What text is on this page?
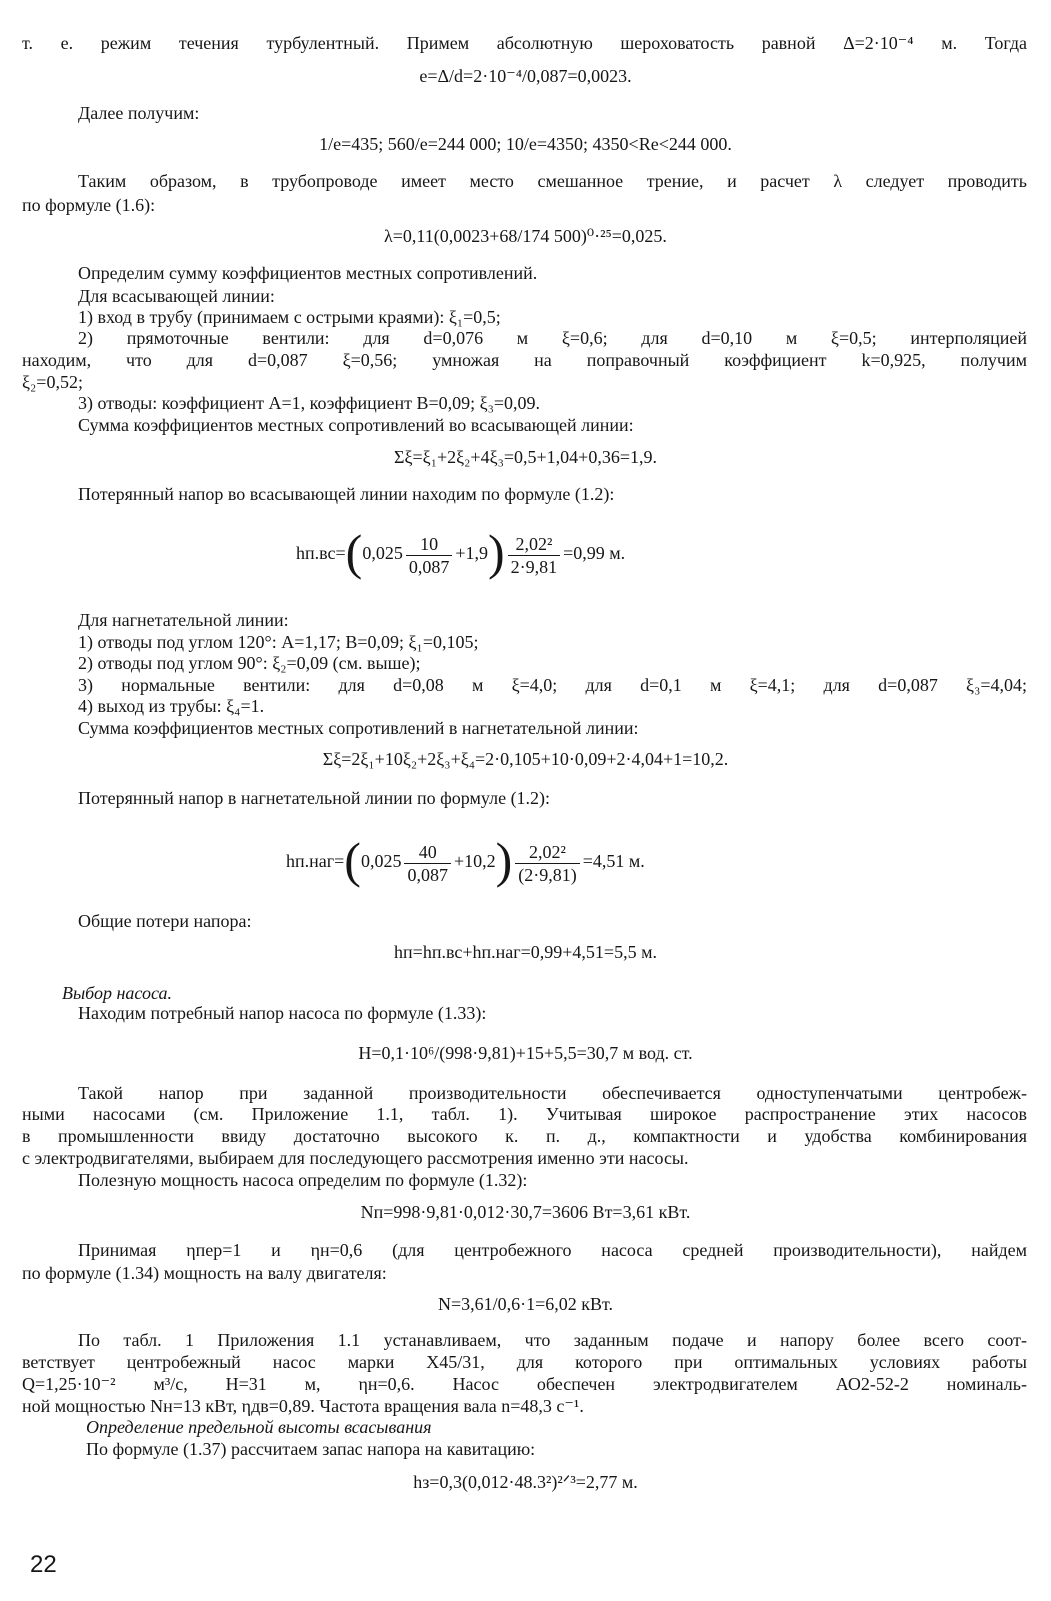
т. е. режим течения турбулентный. Примем абсолютную шероховатость равной Δ=2·10⁻⁴ м. Тогда
e=Δ/d=2·10⁻⁴/0,087=0,0023.
Далее получим:
1/e=435; 560/e=244 000; 10/e=4350; 4350<Re<244 000.
Таким образом, в трубопроводе имеет место смешанное трение, и расчет λ следует проводить
по формуле (1.6):
λ=0,11(0,0023+68/174 500)⁰·²⁵=0,025.
Определим сумму коэффициентов местных сопротивлений.
Для всасывающей линии:
1) вход в трубу (принимаем с острыми краями): ξ₁=0,5;
2) прямоточные вентили: для d=0,076 м ξ=0,6; для d=0,10 м ξ=0,5; интерполяцией
находим, что для d=0,087 ξ=0,56; умножая на поправочный коэффициент k=0,925, получим
ξ₂=0,52;
3) отводы: коэффициент A=1, коэффициент B=0,09; ξ₃=0,09.
Сумма коэффициентов местных сопротивлений во всасывающей линии:
Σξ=ξ₁+2ξ₂+4ξ₃=0,5+1,04+0,36=1,9.
Потерянный напор во всасывающей линии находим по формуле (1.2):
$hп.вс=(0,025 \frac{10}{0,087} +1,9) \frac{\text{2,02²}}{2\cdot 9,81} =0,99$ м.
Для нагнетательной линии:
1) отводы под углом 120°: A=1,17; B=0,09; ξ₁=0,105;
2) отводы под углом 90°: ξ₂=0,09 (см. выше);
3) нормальные вентили: для d=0,08 м ξ=4,0; для d=0,1 м ξ=4,1; для d=0,087 ξ₃=4,04;
4) выход из трубы: ξ₄=1.
Сумма коэффициентов местных сопротивлений в нагнетательной линии:
Σξ=2ξ₁+10ξ₂+2ξ₃+ξ₄=2·0,105+10·0,09+2·4,04+1=10,2.
Потерянный напор в нагнетательной линии по формуле (1.2):
$hп.наг=(0,025 \frac{40}{0,087} +10,2) \frac{\text{2,02²}}{(2\cdot 9,81)} =4,51$ м.
Общие потери напора:
hп=hп.вс+hп.наг=0,99+4,51=5,5 м.
Выбор насоса.
Находим потребный напор насоса по формуле (1.33):
H=0,1·10⁶/(998·9,81)+15+5,5=30,7 м вод. ст.
Такой напор при заданной производительности обеспечивается одноступенчатыми центробеж-
ными насосами (см. Приложение 1.1, табл. 1). Учитывая широкое распространение этих насосов
в промышленности ввиду достаточно высокого к. п. д., компактности и удобства комбинирования
с электродвигателями, выбираем для последующего рассмотрения именно эти насосы.
Полезную мощность насоса определим по формуле (1.32):
Nп=998·9,81·0,012·30,7=3606 Вт=3,61 кВт.
Принимая ηпер=1 и ηн=0,6 (для центробежного насоса средней производительности), найдем
по формуле (1.34) мощность на валу двигателя:
N=3,61/0,6·1=6,02 кВт.
По табл. 1 Приложения 1.1 устанавливаем, что заданным подаче и напору более всего соот-
ветствует центробежный насос марки X45/31, для которого при оптимальных условиях работы
Q=1,25·10⁻² м³/с, H=31 м, ηн=0,6. Насос обеспечен электродвигателем АО2-52-2 номиналь-
ной мощностью Nн=13 кВт, ηдв=0,89. Частота вращения вала n=48,3 с⁻¹.
Определение предельной высоты всасывания
По формуле (1.37) рассчитаем запас напора на кавитацию:
hз=0,3(0,012·48.3²)²ᐟ³=2,77 м.
22
